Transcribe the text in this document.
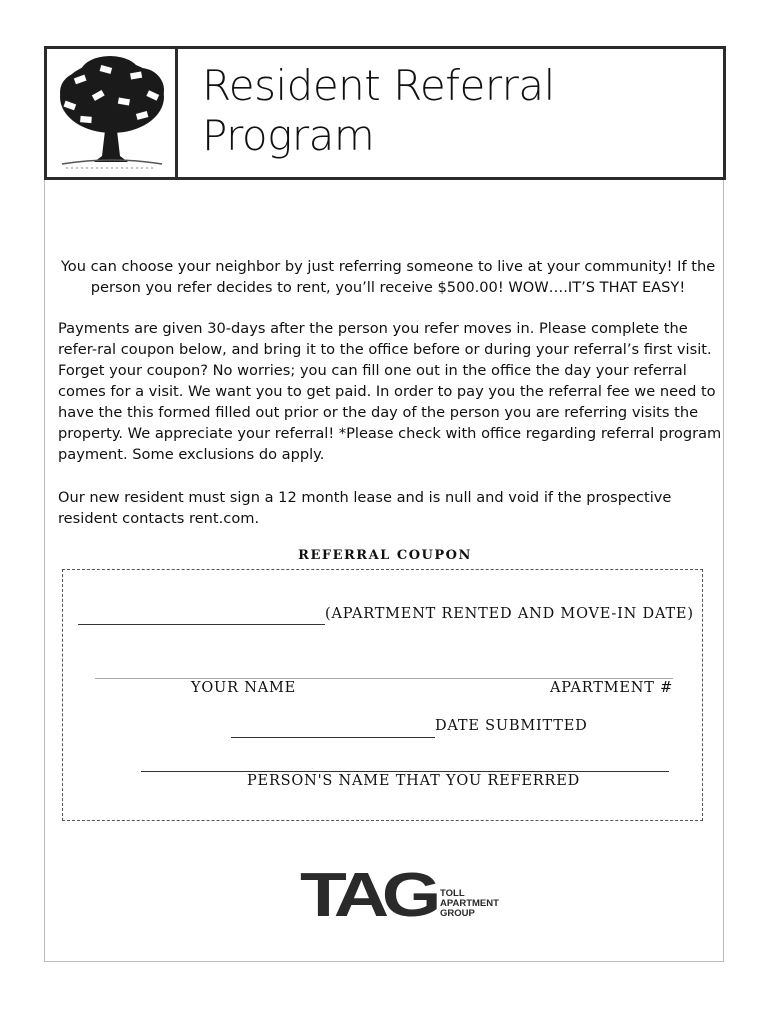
Resident Referral
Program

You can choose your neighbor by just referring someone to live at your community! If the person you refer decides to rent, you’ll receive $500.00! WOW….IT’S THAT EASY!

Payments are given 30-days after the person you refer moves in. Please complete the refer-ral coupon below, and bring it to the office before or during your referral’s first visit. Forget your coupon? No worries; you can fill one out in the office the day your referral comes for a visit. We want you to get paid. In order to pay you the referral fee we need to have the this formed filled out prior or the day of the person you are referring visits the property. We appreciate your referral! *Please check with office regarding referral program payment. Some exclusions do apply.

Our new resident must sign a 12 month lease and is null and void if the prospective resident contacts rent.com.

REFERRAL COUPON
(APARTMENT RENTED AND MOVE-IN DATE)
YOUR NAME	APARTMENT #
DATE SUBMITTED
PERSON'S NAME THAT YOU REFERRED
TAG TOLL
APARTMENT
GROUP
